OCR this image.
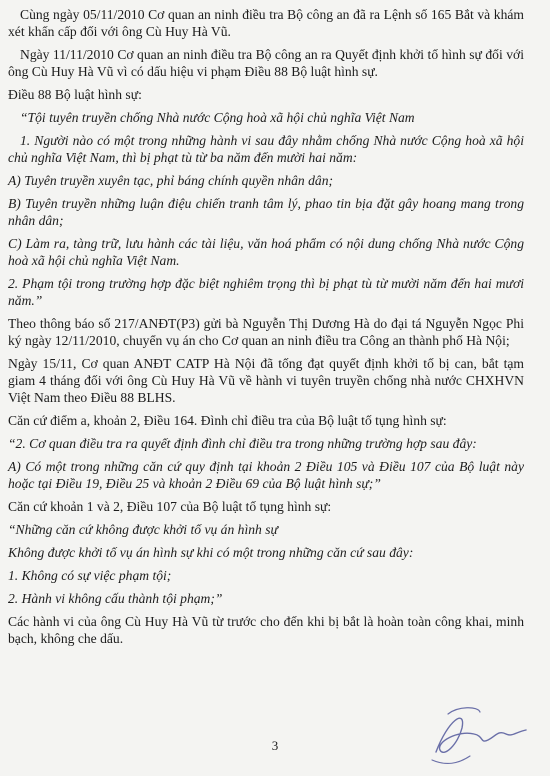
Cùng ngày 05/11/2010 Cơ quan an ninh điều tra Bộ công an đã ra Lệnh số 165 Bắt và khám xét khẩn cấp đối với ông Cù Huy Hà Vũ.

Ngày 11/11/2010 Cơ quan an ninh điều tra Bộ công an ra Quyết định khởi tố hình sự đối với ông Cù Huy Hà Vũ vì có dấu hiệu vi phạm Điều 88 Bộ luật hình sự.

Điều 88 Bộ luật hình sự:

“Tội tuyên truyền chống Nhà nước Cộng hoà xã hội chủ nghĩa Việt Nam

1. Người nào có một trong những hành vi sau đây nhằm chống Nhà nước Cộng hoà xã hội chủ nghĩa Việt Nam, thì bị phạt tù từ ba năm đến mười hai năm:

A) Tuyên truyền xuyên tạc, phỉ báng chính quyền nhân dân;

B) Tuyên truyền những luận điệu chiến tranh tâm lý, phao tin bịa đặt gây hoang mang trong nhân dân;

C) Làm ra, tàng trữ, lưu hành các tài liệu, văn hoá phẩm có nội dung chống Nhà nước Cộng hoà xã hội chủ nghĩa Việt Nam.

2. Phạm tội trong trường hợp đặc biệt nghiêm trọng thì bị phạt tù từ mười năm đến hai mươi năm.”

Theo thông báo số 217/ANĐT(P3) gửi bà Nguyễn Thị Dương Hà do đại tá Nguyễn Ngọc Phi ký ngày 12/11/2010, chuyển vụ án cho Cơ quan an ninh điều tra Công an thành phố Hà Nội;

Ngày 15/11, Cơ quan ANĐT CATP Hà Nội đã tống đạt quyết định khởi tố bị can, bắt tạm giam 4 tháng đối với ông Cù Huy Hà Vũ về hành vi tuyên truyền chống nhà nước CHXHVN Việt Nam theo Điều 88 BLHS.

Căn cứ điểm a, khoản 2, Điều 164. Đình chỉ điều tra của Bộ luật tố tụng hình sự:

“2. Cơ quan điều tra ra quyết định đình chỉ điều tra trong những trường hợp sau đây:

A) Có một trong những căn cứ quy định tại khoản 2 Điều 105 và Điều 107 của Bộ luật này hoặc tại Điều 19, Điều 25 và khoản 2 Điều 69 của Bộ luật hình sự;”

Căn cứ khoản 1 và 2, Điều 107 của Bộ luật tố tụng hình sự:

“Những căn cứ không được khởi tố vụ án hình sự

Không được khởi tố vụ án hình sự khi có một trong những căn cứ sau đây:

1. Không có sự việc phạm tội;

2. Hành vi không cấu thành tội phạm;”

Các hành vi của ông Cù Huy Hà Vũ từ trước cho đến khi bị bắt là hoàn toàn công khai, minh bạch, không che dấu.

3
